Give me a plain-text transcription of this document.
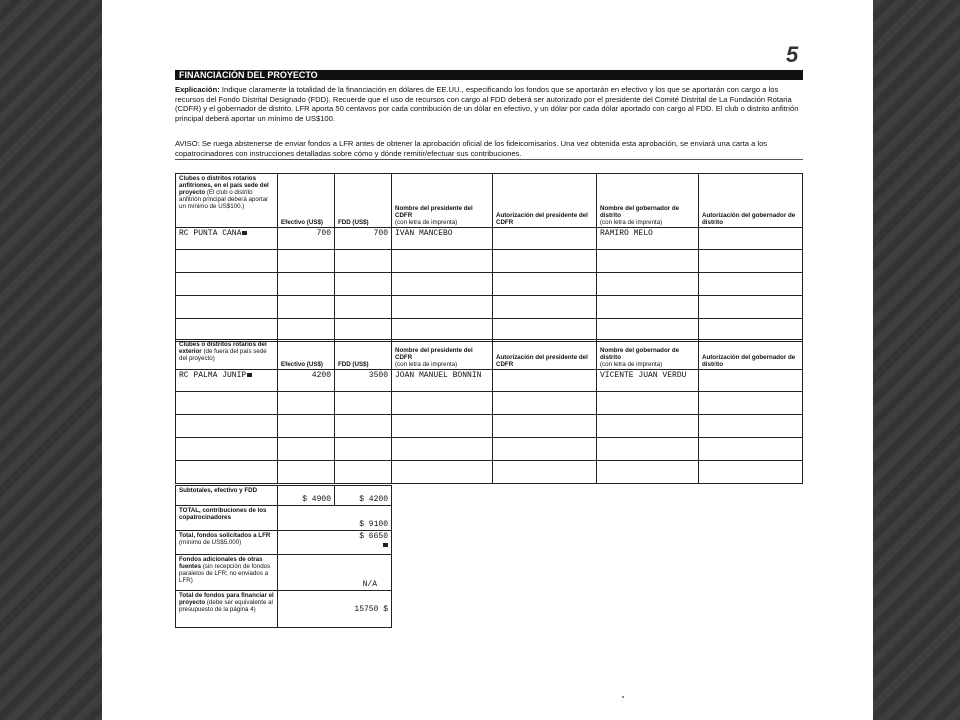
5
FINANCIACIÓN DEL PROYECTO
Explicación: Indique claramente la totalidad de la financiación en dólares de EE.UU., especificando los fondos que se aportarán en efectivo y los que se aportarán con cargo a los recursos del Fondo Distrital Designado (FDD). Recuerde que el uso de recursos con cargo al FDD deberá ser autorizado por el presidente del Comité Distrital de La Fundación Rotaria (CDFR) y el gobernador de distrito. LFR aporta 50 centavos por cada contribución de un dólar en efectivo, y un dólar por cada dólar aportado con cargo al FDD. El club o distrito anfitrión principal deberá aportar un mínimo de US$100.
AVISO: Se ruega abstenerse de enviar fondos a LFR antes de obtener la aprobación oficial de los fideicomisarios. Una vez obtenida esta aprobación, se enviará una carta a los copatrocinadores con instrucciones detalladas sobre cómo y dónde remitir/efectuar sus contribuciones.
Clubes o distritos rotarios anfitriones, en el país sede del proyecto (El club o distrito anfitrión principal deberá aportar un mínimo de US$100.)	Efectivo (US$)	FDD (US$)	Nombre del presidente del CDFR
(con letra de imprenta)	Autorización del presidente del CDFR	Nombre del gobernador de distrito
(con letra de imprenta)	Autorización del gobernador de distrito
RC PUNTA CANA	700	700	IVAN MANCEBO		RAMIRO MELO	

Clubes o distritos rotarios del exterior (de fuera del país sede del proyecto)	Efectivo (US$)	FDD (US$)	Nombre del presidente del CDFR
(con letra de imprenta)	Autorización del presidente del CDFR	Nombre del gobernador de distrito
(con letra de imprenta)	Autorización del gobernador de distrito
RC PALMA JUNIP	4200	3500	JOAN MANUEL BONNIN		VICENTE JUAN VERDU	

Subtotales, efectivo y FDD	$ 4900	$ 4200
TOTAL, contribuciones de los copatrocinadores	$ 9100	
Total, fondos solicitados a LFR
(mínimo de US$5.000)	$ 6650	

Fondos adicionales de otras fuentes (sin recepción de fondos paralelos de LFR; no enviados a LFR)	N/A	
Total de fondos para financiar el proyecto (debe ser equivalente al presupuesto de la página 4)	15750 $	
